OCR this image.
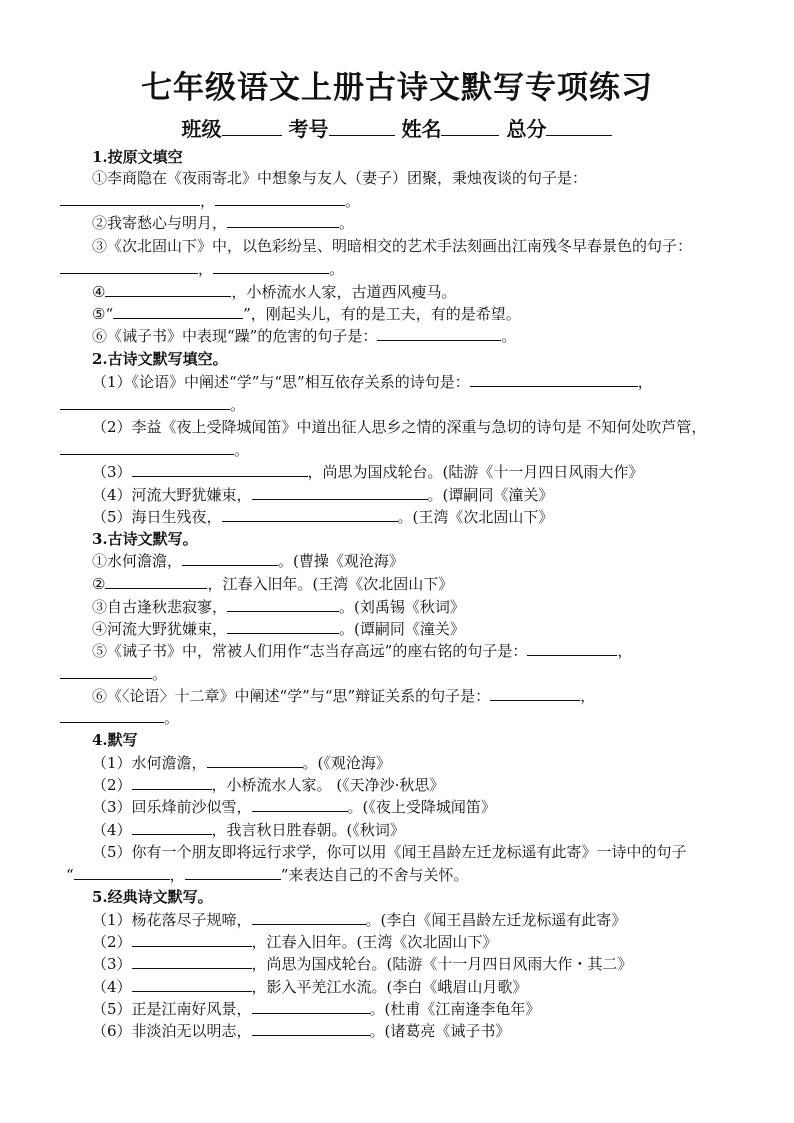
七年级语文上册古诗文默写专项练习
班级	考号	姓名	总分
1.按原文填空
①李商隐在《夜雨寄北》中想象与友人（妻子）团聚，秉烛夜谈的句子是：
，	。
②我寄愁心与明月，	。
③《次北固山下》中，以色彩纷呈、明暗相交的艺术手法刻画出江南残冬早春景色的句子：
，	。
④	，小桥流水人家，古道西风瘦马。
⑤“	”，刚起头儿，有的是工夫，有的是希望。
⑥《诫子书》中表现“躁”的危害的句子是：	。
2.古诗文默写填空。
（1）《论语》中阐述“学”与“思”相互依存关系的诗句是：	，
。
（2）李益《夜上受降城闻笛》中道出征人思乡之情的深重与急切的诗句是 不知何处吹芦管，
。
（3）	，尚思为国戍轮台。(陆游《十一月四日风雨大作》
（4）河流大野犹嫌束，	。(谭嗣同《潼关》
（5）海日生残夜，	。(王湾《次北固山下》
3.古诗文默写。
①水何澹澹，	。(曹操《观沧海》
②	，江春入旧年。(王湾《次北固山下》
③自古逢秋悲寂寥，	。(刘禹锡《秋词》
④河流大野犹嫌束，	。(谭嗣同《潼关》
⑤《诫子书》中，常被人们用作“志当存高远”的座右铭的句子是：	，
。
⑥《〈论语〉十二章》中阐述“学”与“思”辩证关系的句子是：	，
。
4.默写
（1）水何澹澹，	。(《观沧海》
（2）	，小桥流水人家。 (《天净沙·秋思》
（3）回乐烽前沙似雪，	。(《夜上受降城闻笛》
（4）	，我言秋日胜春朝。(《秋词》
（5）你有一个朋友即将远行求学，你可以用《闻王昌龄左迁龙标遥有此寄》一诗中的句子
“	，	”来表达自己的不舍与关怀。
5.经典诗文默写。
（1）杨花落尽子规啼，	。(李白《闻王昌龄左迁龙标遥有此寄》
（2）	，江春入旧年。(王湾《次北固山下》
（3）	，尚思为国戍轮台。(陆游《十一月四日风雨大作・其二》
（4）	，影入平羌江水流。(李白《峨眉山月歌》
（5）正是江南好风景，	。(杜甫《江南逢李龟年》
（6）非淡泊无以明志，	。(诸葛亮《诫子书》
